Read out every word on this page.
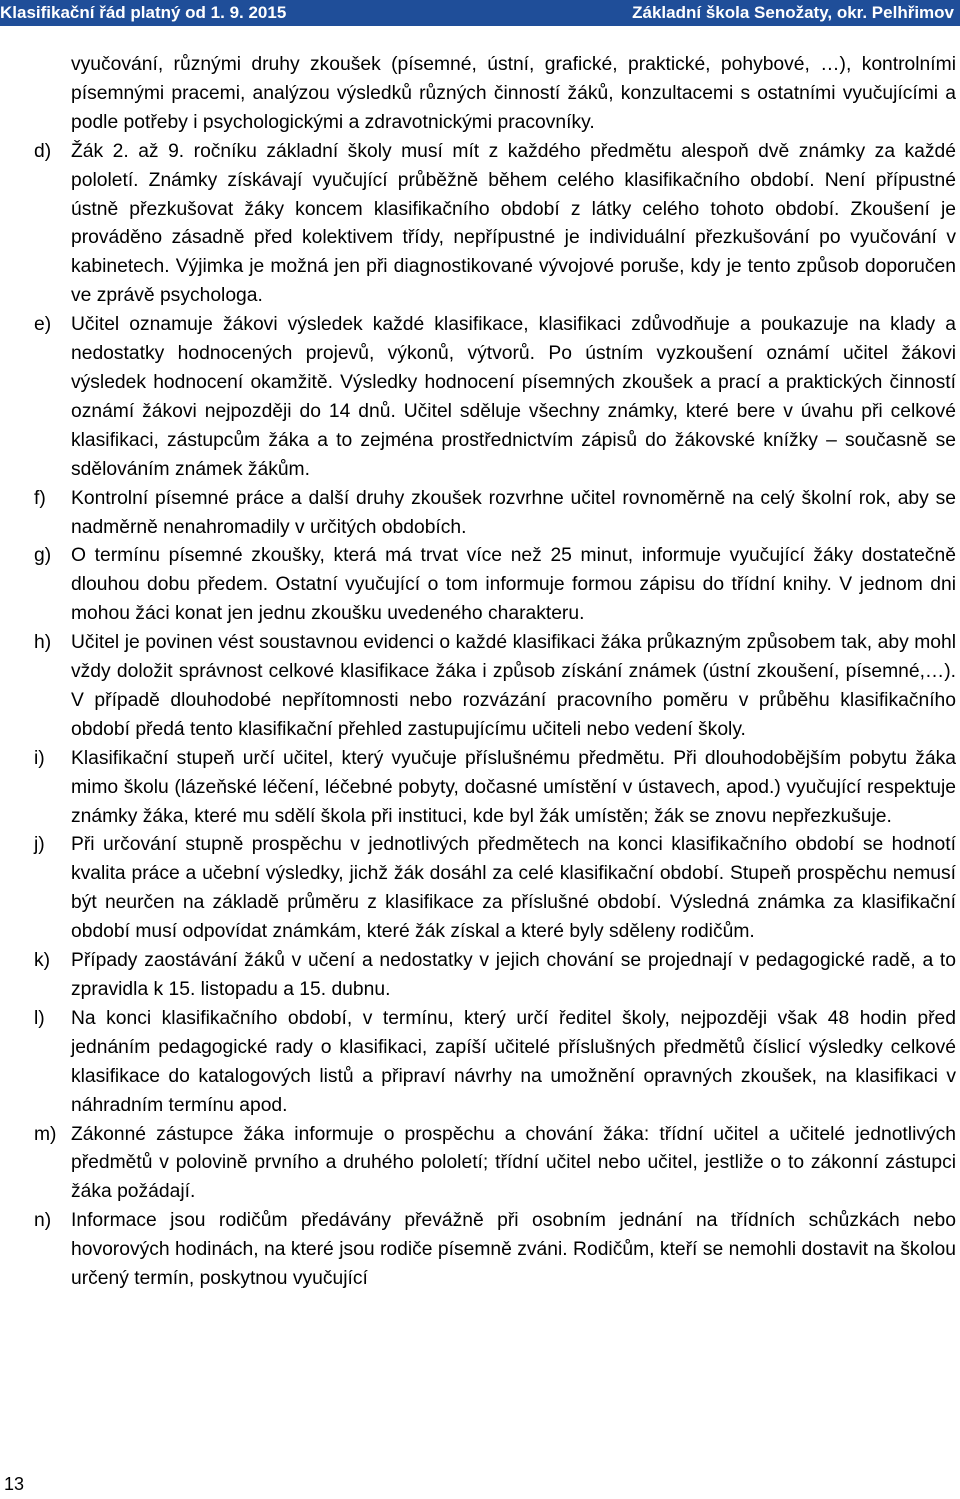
Klasifikační řád platný od 1. 9. 2015	Základní škola Senožaty, okr. Pelhřimov
vyučování, různými druhy zkoušek (písemné, ústní, grafické, praktické, pohybové, …), kontrolními písemnými pracemi, analýzou výsledků různých činností žáků, konzultacemi s ostatními vyučujícími a podle potřeby i psychologickými a zdravotnickými pracovníky.
d) Žák 2. až 9. ročníku základní školy musí mít z každého předmětu alespoň dvě známky za každé pololetí. Známky získávají vyučující průběžně během celého klasifikačního období. Není přípustné ústně přezkušovat žáky koncem klasifikačního období z látky celého tohoto období. Zkoušení je prováděno zásadně před kolektivem třídy, nepřípustné je individuální přezkušování po vyučování v kabinetech. Výjimka je možná jen při diagnostikované vývojové poruše, kdy je tento způsob doporučen ve zprávě psychologa.
e) Učitel oznamuje žákovi výsledek každé klasifikace, klasifikaci zdůvodňuje a poukazuje na klady a nedostatky hodnocených projevů, výkonů, výtvorů. Po ústním vyzkoušení oznámí učitel žákovi výsledek hodnocení okamžitě. Výsledky hodnocení písemných zkoušek a prací a praktických činností oznámí žákovi nejpozději do 14 dnů. Učitel sděluje všechny známky, které bere v úvahu při celkové klasifikaci, zástupcům žáka a to zejména prostřednictvím zápisů do žákovské knížky – současně se sdělováním známek žákům.
f) Kontrolní písemné práce a další druhy zkoušek rozvrhne učitel rovnoměrně na celý školní rok, aby se nadměrně nenahromadily v určitých obdobích.
g) O termínu písemné zkoušky, která má trvat více než 25 minut, informuje vyučující žáky dostatečně dlouhou dobu předem. Ostatní vyučující o tom informuje formou zápisu do třídní knihy. V jednom dni mohou žáci konat jen jednu zkoušku uvedeného charakteru.
h) Učitel je povinen vést soustavnou evidenci o každé klasifikaci žáka průkazným způsobem tak, aby mohl vždy doložit správnost celkové klasifikace žáka i způsob získání známek (ústní zkoušení, písemné,…). V případě dlouhodobé nepřítomnosti nebo rozvázání pracovního poměru v průběhu klasifikačního období předá tento klasifikační přehled zastupujícímu učiteli nebo vedení školy.
i) Klasifikační stupeň určí učitel, který vyučuje příslušnému předmětu. Při dlouhodobějším pobytu žáka mimo školu (lázeňské léčení, léčebné pobyty, dočasné umístění v ústavech, apod.) vyučující respektuje známky žáka, které mu sdělí škola při instituci, kde byl žák umístěn; žák se znovu nepřezkušuje.
j) Při určování stupně prospěchu v jednotlivých předmětech na konci klasifikačního období se hodnotí kvalita práce a učební výsledky, jichž žák dosáhl za celé klasifikační období. Stupeň prospěchu nemusí být neurčen na základě průměru z klasifikace za příslušné období. Výsledná známka za klasifikační období musí odpovídat známkám, které žák získal a které byly sděleny rodičům.
k) Případy zaostávání žáků v učení a nedostatky v jejich chování se projednají v pedagogické radě, a to zpravidla k 15. listopadu a 15. dubnu.
l) Na konci klasifikačního období, v termínu, který určí ředitel školy, nejpozději však 48 hodin před jednáním pedagogické rady o klasifikaci, zapíší učitelé příslušných předmětů číslicí výsledky celkové klasifikace do katalogových listů a připraví návrhy na umožnění opravných zkoušek, na klasifikaci v náhradním termínu apod.
m) Zákonné zástupce žáka informuje o prospěchu a chování žáka: třídní učitel a učitelé jednotlivých předmětů v polovině prvního a druhého pololetí; třídní učitel nebo učitel, jestliže o to zákonní zástupci žáka požádají.
n) Informace jsou rodičům předávány převážně při osobním jednání na třídních schůzkách nebo hovorových hodinách, na které jsou rodiče písemně zváni. Rodičům, kteří se nemohli dostavit na školou určený termín, poskytnou vyučující
13
